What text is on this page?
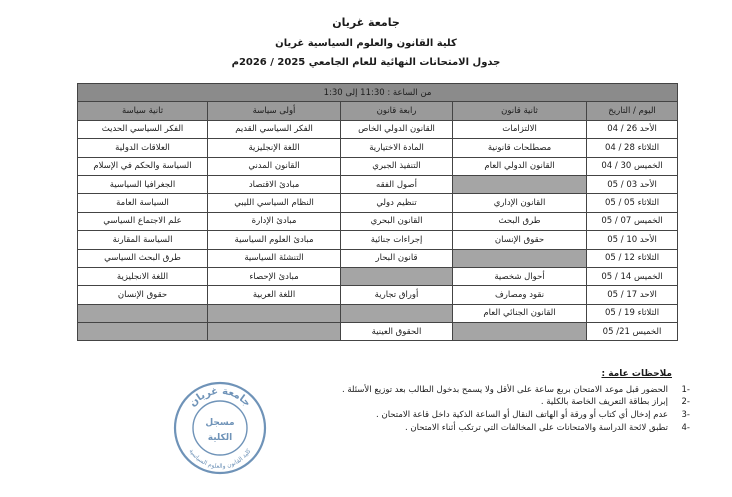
جامعة غريان
كلية القانون والعلوم السياسية غريان
جدول الامتحانات النهائية للعام الجامعي 2025 / 2026م
من الساعة : 11:30 إلى 1:30				
اليوم / التاريخ	ثانية قانون	رابعة قانون	أولى سياسة	ثانية سياسة
الأحد 26 / 04	الالتزامات	القانون الدولي الخاص	الفكر السياسي القديم	الفكر السياسي الحديث
الثلاثاء 28 / 04	مصطلحات قانونية	المادة الاختيارية	اللغة الإنجليزية	العلاقات الدولية
الخميس 30 / 04	القانون الدولي العام	التنفيذ الجبري	القانون المدني	السياسة والحكم في الإسلام
الأحد 03 / 05		أصول الفقه	مبادئ الاقتصاد	الجغرافيا السياسية
الثلاثاء 05 / 05	القانون الإداري	تنظيم دولي	النظام السياسي الليبي	السياسة العامة
الخميس 07 / 05	طرق البحث	القانون البحري	مبادئ الإدارة	علم الاجتماع السياسي
الأحد 10 / 05	حقوق الإنسان	إجراءات جنائية	مبادئ العلوم السياسية	السياسة المقارنة
الثلاثاء 12 / 05		قانون البحار	التنشئة السياسية	طرق البحث السياسي
الخميس 14 / 05	أحوال شخصية		مبادئ الإحصاء	اللغة الانجليزية
الاحد 17 / 05	نقود ومصارف	أوراق تجارية	اللغة العربية	حقوق الإنسان
الثلاثاء 19 / 05	القانون الجنائي العام			
الخميس 21/ 05		الحقوق العينية		
ملاحظات عامة :
-1
الحضور قبل موعد الامتحان بربع ساعة على الأقل ولا يسمح بدخول الطالب بعد توزيع الأسئلة .
-2
إبراز بطاقة التعريف الخاصة بالكلية .
-3
عدم إدخال أي كتاب أو ورقة أو الهاتف النقال أو الساعة الذكية داخل قاعة الامتحان .
-4
تطبق لائحة الدراسة والامتحانات على المخالفات التي ترتكب أثناء الامتحان .
جامعة غريان
كلية القانون والعلوم السياسية
مسجل
الكلية
